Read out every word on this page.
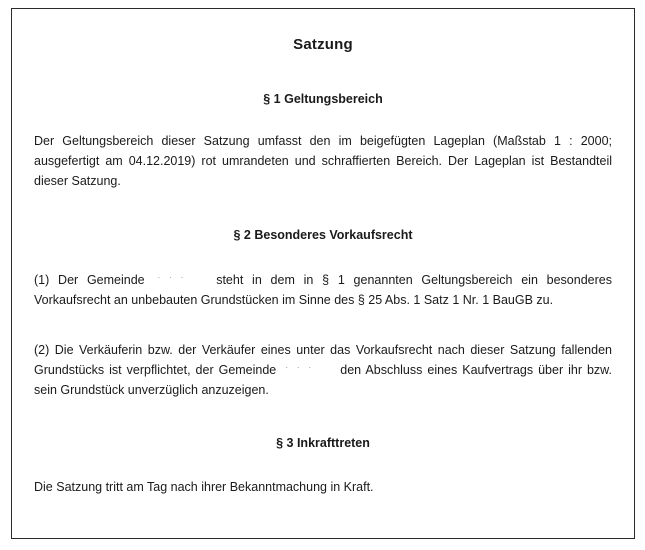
Satzung
§ 1 Geltungsbereich
Der Geltungsbereich dieser Satzung umfasst den im beigefügten Lageplan (Maßstab 1 : 2000; ausgefertigt am 04.12.2019) rot umrandeten und schraffierten Bereich. Der Lageplan ist Bestandteil dieser Satzung.
§ 2 Besonderes Vorkaufsrecht
(1) Der Gemeinde · · ·	steht in dem in § 1 genannten Geltungsbereich ein besonderes Vorkaufsrecht an unbebauten Grundstücken im Sinne des § 25 Abs. 1 Satz 1 Nr. 1 BauGB zu.
(2) Die Verkäuferin bzw. der Verkäufer eines unter das Vorkaufsrecht nach dieser Satzung fallenden Grundstücks ist verpflichtet, der Gemeinde · · ·	den Abschluss eines Kaufvertrags über ihr bzw. sein Grundstück unverzüglich anzuzeigen.
§ 3 Inkrafttreten
Die Satzung tritt am Tag nach ihrer Bekanntmachung in Kraft.
